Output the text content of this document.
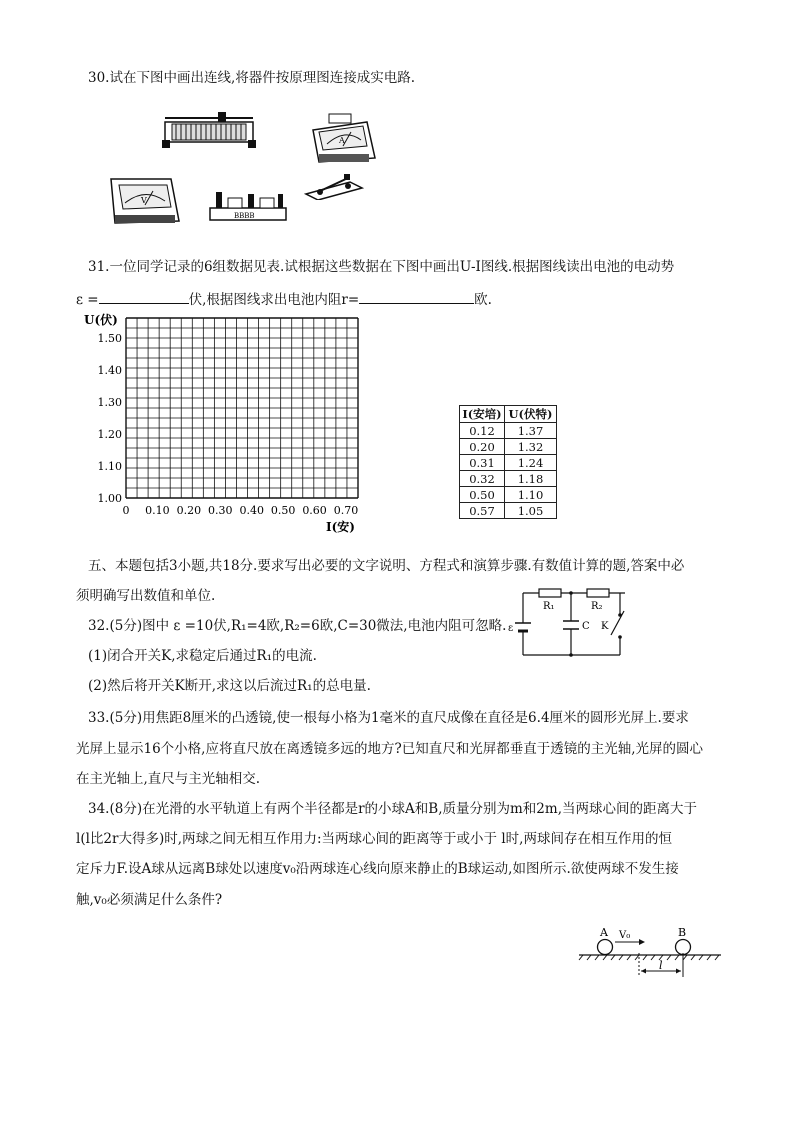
30.试在下图中画出连线,将器件按原理图连接成实电路.
A
V
BBBB
31.一位同学记录的6组数据见表.试根据这些数据在下图中画出U-I图线.根据图线读出电池的电动势
ε =	伏,根据图线求出电池内阻r=	欧.
U(伏)
I(安)
1.50
1.40
1.30
1.20
1.10
1.00
0 0.10 0.20 0.30 0.40 0.50 0.60 0.70
I(安培)	U(伏特)
0.12	1.37
0.20	1.32
0.31	1.24
0.32	1.18
0.50	1.10
0.57	1.05
五、本题包括3小题,共18分.要求写出必要的文字说明、方程式和演算步骤.有数值计算的题,答案中必
须明确写出数值和单位.
32.(5分)图中 ε =10伏,R₁=4欧,R₂=6欧,C=30微法,电池内阻可忽略.
(1)闭合开关K,求稳定后通过R₁的电流.
(2)然后将开关K断开,求这以后流过R₁的总电量.
R₁	R₂
C K
ε
33.(5分)用焦距8厘米的凸透镜,使一根每小格为1毫米的直尺成像在直径是6.4厘米的圆形光屏上.要求
光屏上显示16个小格,应将直尺放在离透镜多远的地方?已知直尺和光屏都垂直于透镜的主光轴,光屏的圆心
在主光轴上,直尺与主光轴相交.
34.(8分)在光滑的水平轨道上有两个半径都是r的小球A和B,质量分别为m和2m,当两球心间的距离大于
l(l比2r大得多)时,两球之间无相互作用力:当两球心间的距离等于或小于 l时,两球间存在相互作用的恒
定斥力F.设A球从远离B球处以速度v₀沿两球连心线向原来静止的B球运动,如图所示.欲使两球不发生接
触,v₀必须满足什么条件?
A	B
V₀
l
